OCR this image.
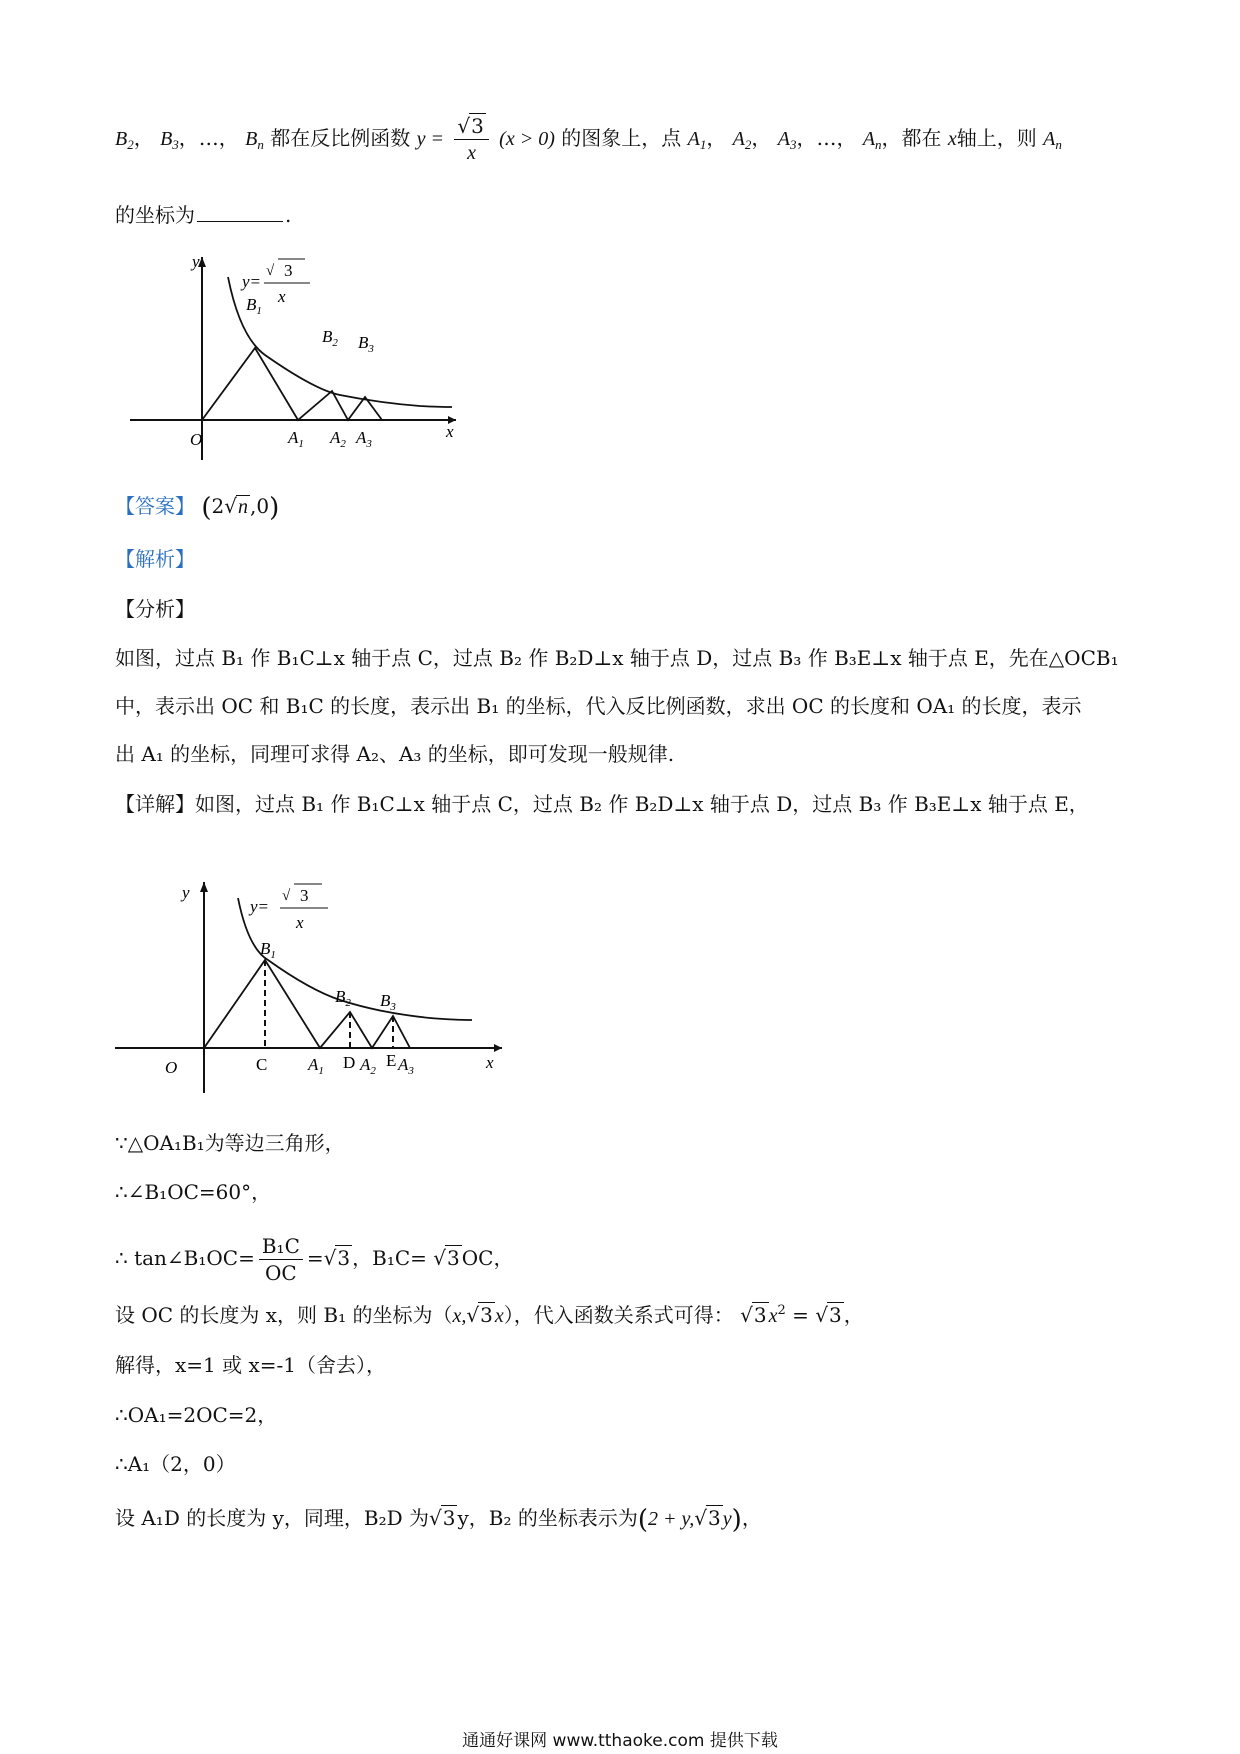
$B_2$， $B_3$，…， $B_n$ 都在反比例函数 $y = \frac{√3}{x} (x > 0)$ 的图象上，点 $A_1$， $A_2$， $A_3$，…， $A_n$，都在 x轴上，则 $A_n$
的坐标为	.
y
y=
√ 3
x
$B_1$
$B_2$ $B_3$
O	$A_1$ $A_2$ $A_3$
x
【答案】 (2√n ,0)
【解析】
【分析】
如图，过点 B₁ 作 B₁C⊥x 轴于点 C，过点 B₂ 作 B₂D⊥x 轴于点 D，过点 B₃ 作 B₃E⊥x 轴于点 E，先在△OCB₁
中，表示出 OC 和 B₁C 的长度，表示出 B₁ 的坐标，代入反比例函数，求出 OC 的长度和 OA₁ 的长度，表示
出 A₁ 的坐标，同理可求得 A₂、A₃ 的坐标，即可发现一般规律.
【详解】如图，过点 B₁ 作 B₁C⊥x 轴于点 C，过点 B₂ 作 B₂D⊥x 轴于点 D，过点 B₃ 作 B₃E⊥x 轴于点 E，
y
y=
√ 3
x
$B_1$
$B_2$ $B_3$
O	C	D E
$A_1$ $A_2$ $A_3$	x
∵△OA₁B₁为等边三角形，
∴∠B₁OC=60°，
∴ tan∠B₁OC= $\frac{\text{B₁C}}{OC} =√3$ ，B₁C= √3 OC，
设 OC 的长度为 x，则 B₁ 的坐标为（x,√3 x），代入函数关系式可得： √3 $x^2 = √3$ ，
解得，x=1 或 x=-1（舍去），
∴OA₁=2OC=2，
∴A₁（2，0）
设 A₁D 的长度为 y，同理，B₂D 为√3 y，B₂ 的坐标表示为(2 + y,√3 y)，
通通好课网 www.tthaoke.com 提供下载
